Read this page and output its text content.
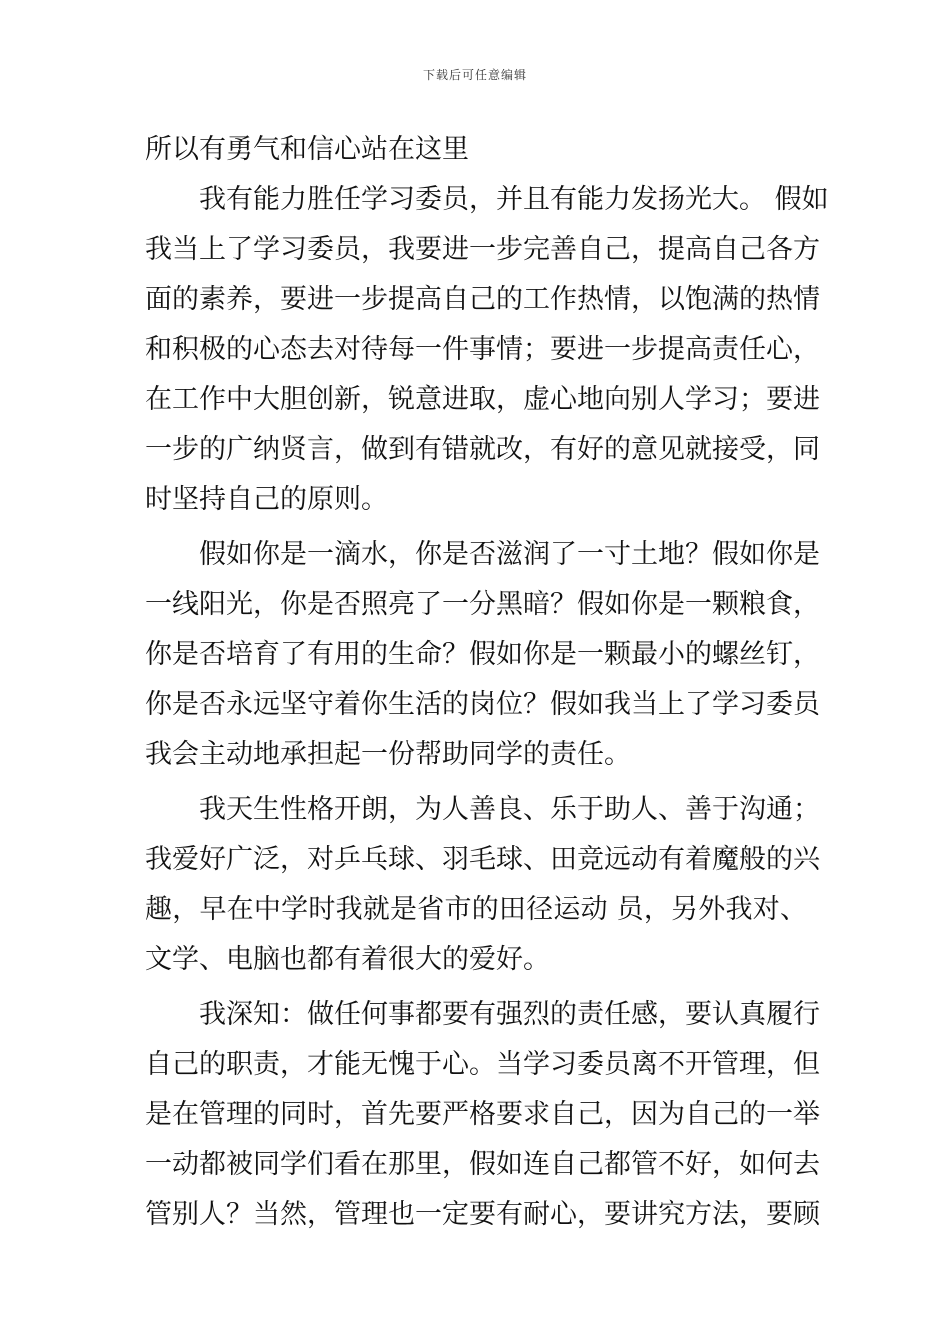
下载后可任意编辑
所以有勇气和信心站在这里
我有能力胜任学习委员，并且有能力发扬光大。 假如
我当上了学习委员，我要进一步完善自己，提高自己各方
面的素养，要进一步提高自己的工作热情，以饱满的热情
和积极的心态去对待每一件事情；要进一步提高责任心，
在工作中大胆创新，锐意进取，虚心地向别人学习；要进
一步的广纳贤言，做到有错就改，有好的意见就接受，同
时坚持自己的原则。
假如你是一滴水，你是否滋润了一寸土地？假如你是
一线阳光，你是否照亮了一分黑暗？假如你是一颗粮食，
你是否培育了有用的生命？假如你是一颗最小的螺丝钉，
你是否永远坚守着你生活的岗位？假如我当上了学习委员
我会主动地承担起一份帮助同学的责任。
我天生性格开朗，为人善良、乐于助人、善于沟通；
我爱好广泛，对乒乓球、羽毛球、田竞远动有着魔般的兴
趣，早在中学时我就是省市的田径运动 员，另外我对、
文学、电脑也都有着很大的爱好。
我深知：做任何事都要有强烈的责任感，要认真履行
自己的职责，才能无愧于心。当学习委员离不开管理，但
是在管理的同时，首先要严格要求自己，因为自己的一举
一动都被同学们看在那里，假如连自己都管不好，如何去
管别人？当然，管理也一定要有耐心，要讲究方法，要顾
